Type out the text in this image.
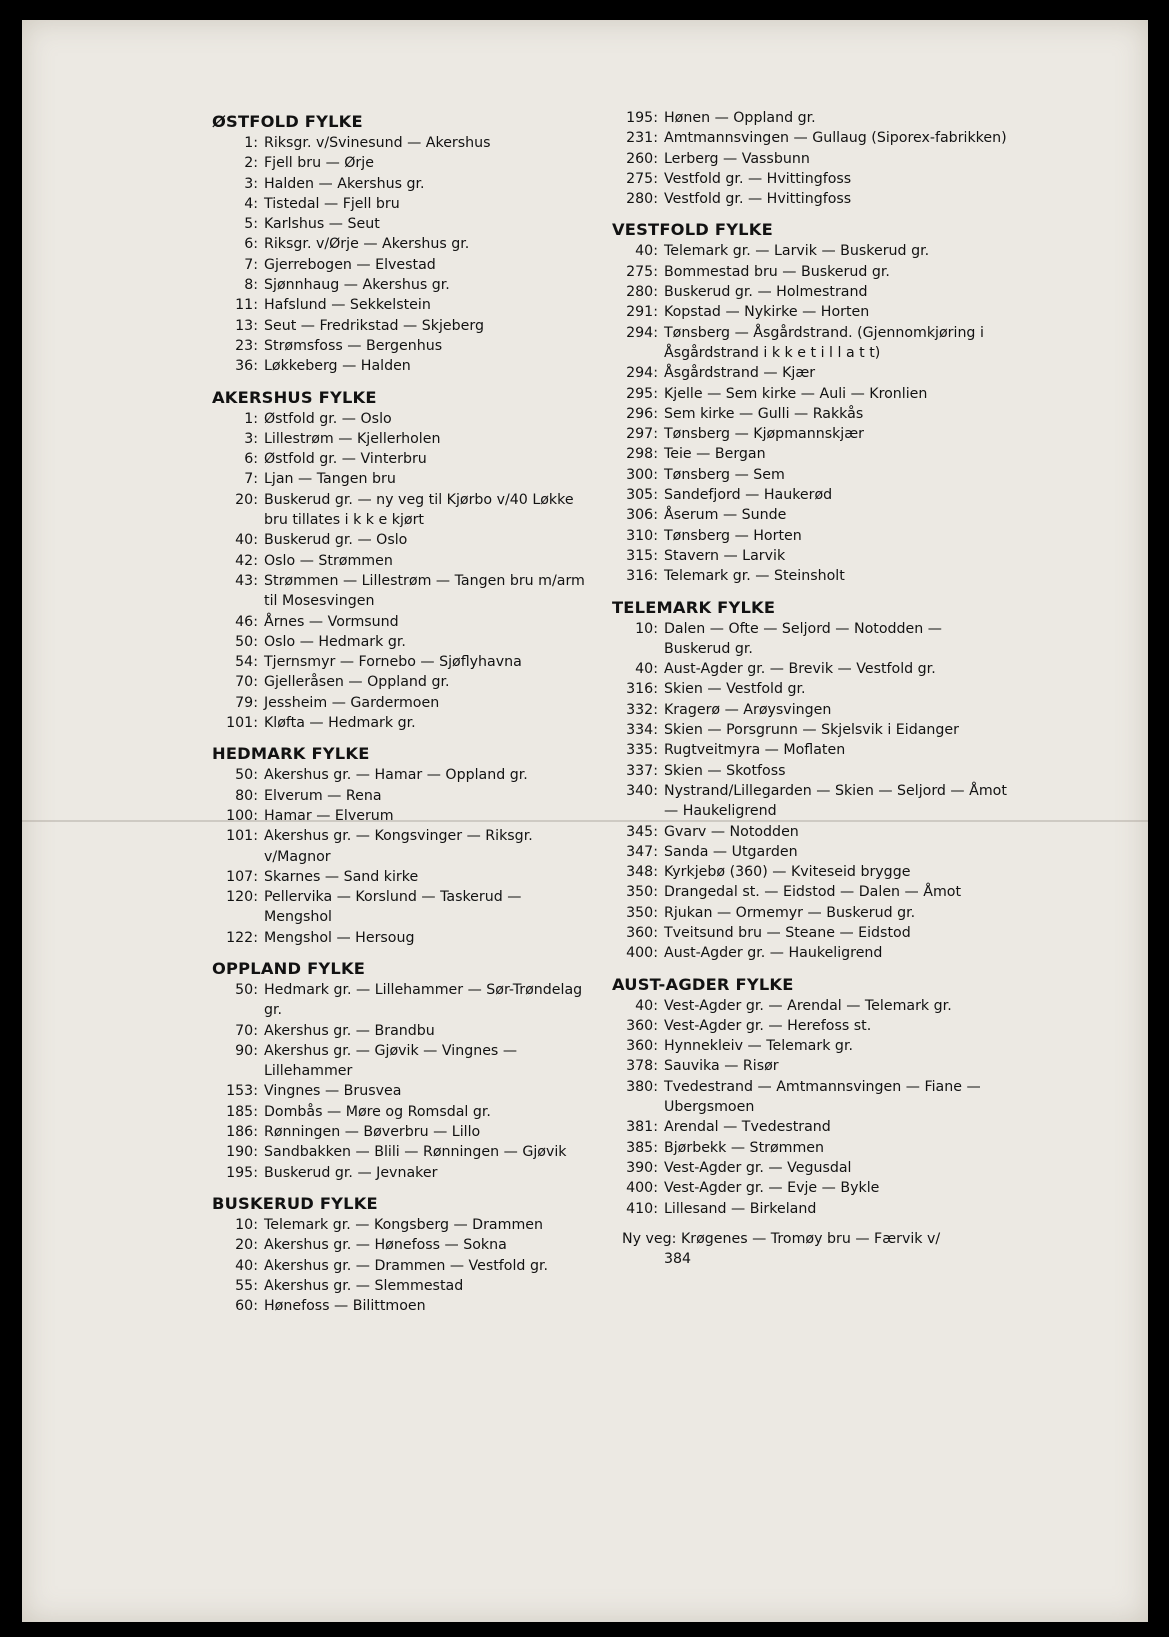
ØSTFOLD FYLKE
1: Riksgr. v/Svinesund — Akershus
2: Fjell bru — Ørje
3: Halden — Akershus gr.
4: Tistedal — Fjell bru
5: Karlshus — Seut
6: Riksgr. v/Ørje — Akershus gr.
7: Gjerrebogen — Elvestad
8: Sjønnhaug — Akershus gr.
11: Hafslund — Sekkelstein
13: Seut — Fredrikstad — Skjeberg
23: Strømsfoss — Bergenhus
36: Løkkeberg — Halden
AKERSHUS FYLKE
1: Østfold gr. — Oslo
3: Lillestrøm — Kjellerholen
6: Østfold gr. — Vinterbru
7: Ljan — Tangen bru
20: Buskerud gr. — ny veg til Kjørbo v/40 Løkke bru tillates i k k e kjørt
40: Buskerud gr. — Oslo
42: Oslo — Strømmen
43: Strømmen — Lillestrøm — Tangen bru m/arm til Mosesvingen
46: Årnes — Vormsund
50: Oslo — Hedmark gr.
54: Tjernsmyr — Fornebo — Sjøflyhavna
70: Gjelleråsen — Oppland gr.
79: Jessheim — Gardermoen
101: Kløfta — Hedmark gr.
HEDMARK FYLKE
50: Akershus gr. — Hamar — Oppland gr.
80: Elverum — Rena
100: Hamar — Elverum
101: Akershus gr. — Kongsvinger — Riksgr. v/Magnor
107: Skarnes — Sand kirke
120: Pellervika — Korslund — Taskerud — Mengshol
122: Mengshol — Hersoug
OPPLAND FYLKE
50: Hedmark gr. — Lillehammer — Sør-Trøndelag gr.
70: Akershus gr. — Brandbu
90: Akershus gr. — Gjøvik — Vingnes — Lillehammer
153: Vingnes — Brusvea
185: Dombås — Møre og Romsdal gr.
186: Rønningen — Bøverbru — Lillo
190: Sandbakken — Blili — Rønningen — Gjøvik
195: Buskerud gr. — Jevnaker
BUSKERUD FYLKE
10: Telemark gr. — Kongsberg — Drammen
20: Akershus gr. — Hønefoss — Sokna
40: Akershus gr. — Drammen — Vestfold gr.
55: Akershus gr. — Slemmestad
60: Hønefoss — Bilittmoen
195: Hønen — Oppland gr.
231: Amtmannsvingen — Gullaug (Siporex-fabrikken)
260: Lerberg — Vassbunn
275: Vestfold gr. — Hvittingfoss
280: Vestfold gr. — Hvittingfoss
VESTFOLD FYLKE
40: Telemark gr. — Larvik — Buskerud gr.
275: Bommestad bru — Buskerud gr.
280: Buskerud gr. — Holmestrand
291: Kopstad — Nykirke — Horten
294: Tønsberg — Åsgårdstrand. (Gjennomkjøring i Åsgårdstrand i k k e t i l l a t t)
294: Åsgårdstrand — Kjær
295: Kjelle — Sem kirke — Auli — Kronlien
296: Sem kirke — Gulli — Rakkås
297: Tønsberg — Kjøpmannskjær
298: Teie — Bergan
300: Tønsberg — Sem
305: Sandefjord — Haukerød
306: Åserum — Sunde
310: Tønsberg — Horten
315: Stavern — Larvik
316: Telemark gr. — Steinsholt
TELEMARK FYLKE
10: Dalen — Ofte — Seljord — Notodden — Buskerud gr.
40: Aust-Agder gr. — Brevik — Vestfold gr.
316: Skien — Vestfold gr.
332: Kragerø — Arøysvingen
334: Skien — Porsgrunn — Skjelsvik i Eidanger
335: Rugtveitmyra — Moflaten
337: Skien — Skotfoss
340: Nystrand/Lillegarden — Skien — Seljord — Åmot — Haukeligrend
345: Gvarv — Notodden
347: Sanda — Utgarden
348: Kyrkjebø (360) — Kviteseid brygge
350: Drangedal st. — Eidstod — Dalen — Åmot
350: Rjukan — Ormemyr — Buskerud gr.
360: Tveitsund bru — Steane — Eidstod
400: Aust-Agder gr. — Haukeligrend
AUST-AGDER FYLKE
40: Vest-Agder gr. — Arendal — Telemark gr.
360: Vest-Agder gr. — Herefoss st.
360: Hynnekleiv — Telemark gr.
378: Sauvika — Risør
380: Tvedestrand — Amtmannsvingen — Fiane — Ubergsmoen
381: Arendal — Tvedestrand
385: Bjørbekk — Strømmen
390: Vest-Agder gr. — Vegusdal
400: Vest-Agder gr. — Evje — Bykle
410: Lillesand — Birkeland
Ny veg: Krøgenes — Tromøy bru — Færvik v/
384
